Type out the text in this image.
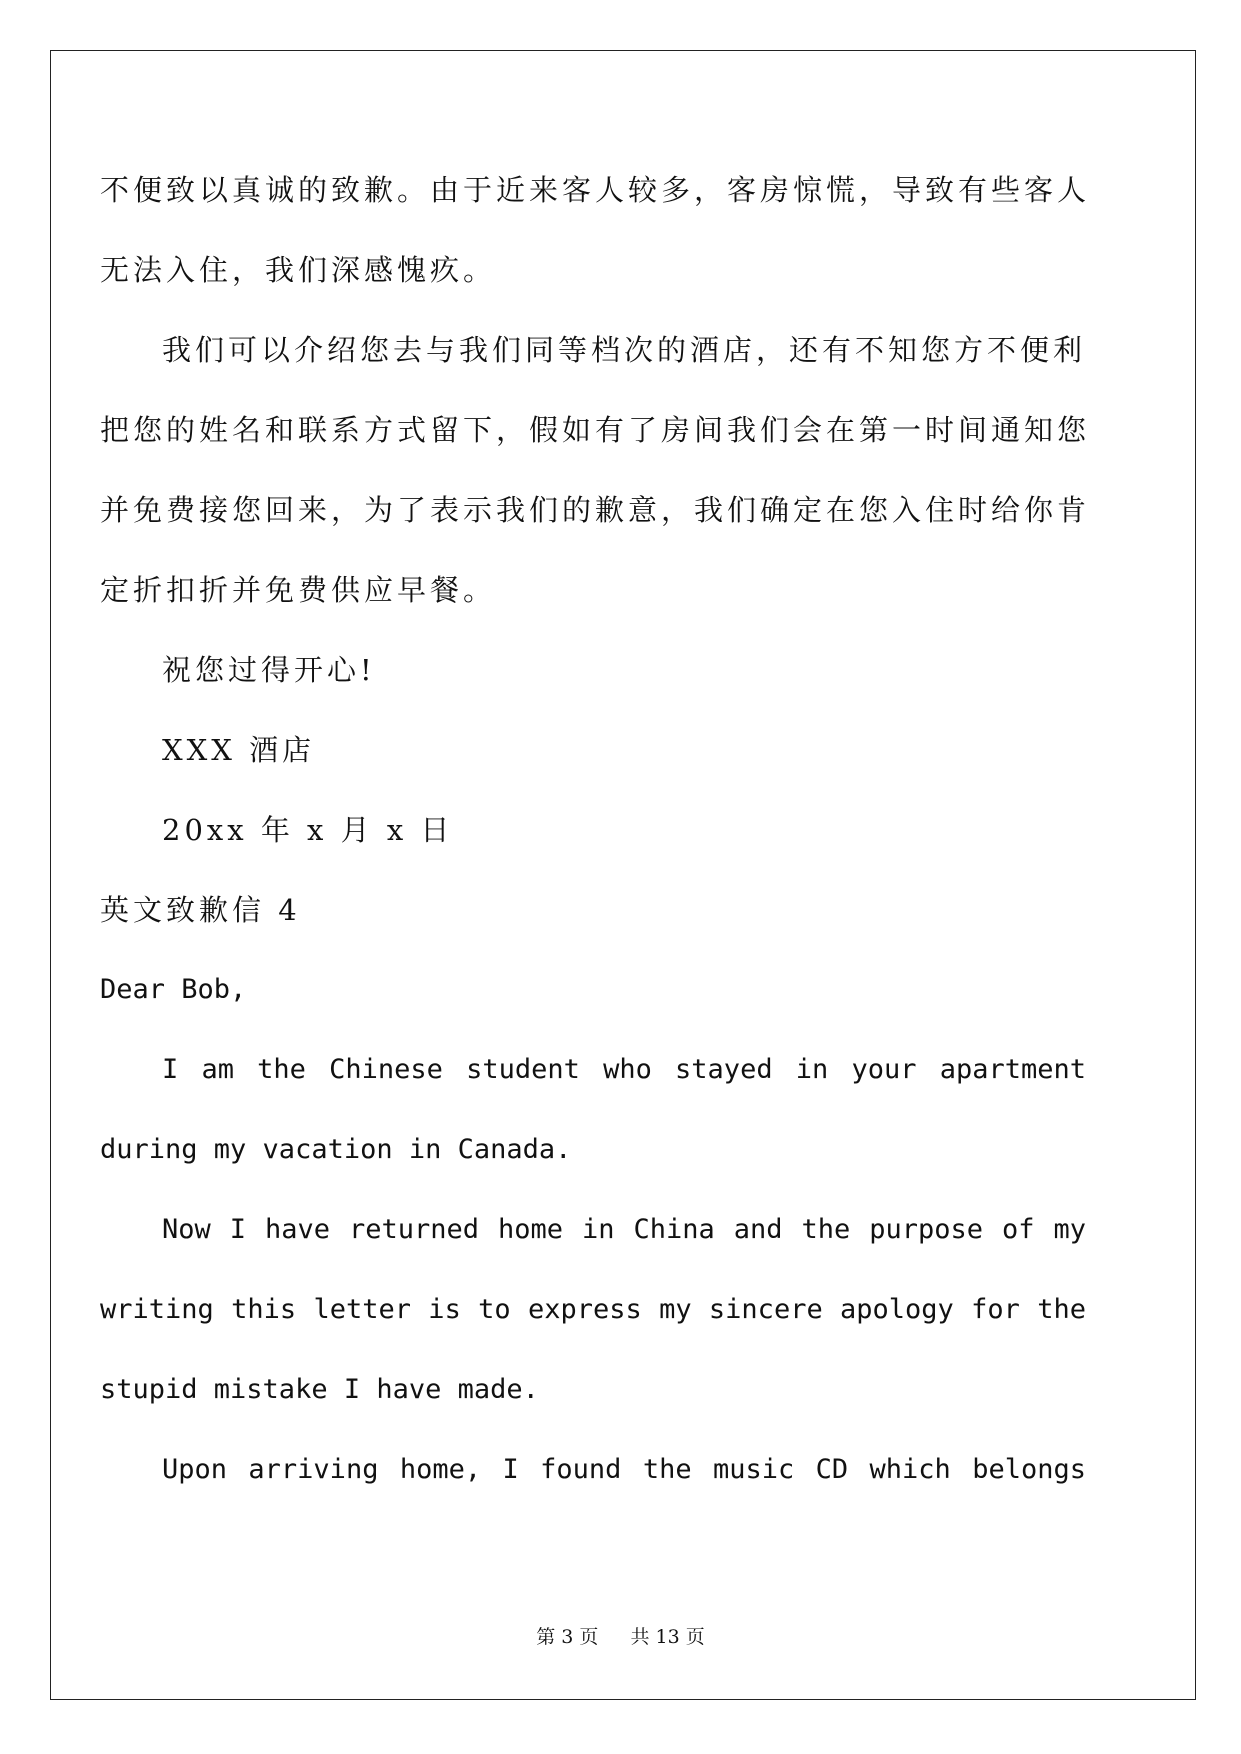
不便致以真诚的致歉。由于近来客人较多，客房惊慌，导致有些客人
无法入住，我们深感愧疚。
我们可以介绍您去与我们同等档次的酒店，还有不知您方不便利
把您的姓名和联系方式留下，假如有了房间我们会在第一时间通知您
并免费接您回来，为了表示我们的歉意，我们确定在您入住时给你肯
定折扣折并免费供应早餐。
祝您过得开心!
XXX 酒店
20xx 年 x 月 x 日
英文致歉信 4
Dear Bob,
I am the Chinese student who stayed in your apartment
during my vacation in Canada.
Now I have returned home in China and the purpose of my
writing this letter is to express my sincere apology for the
stupid mistake I have made.
Upon arriving home, I found the music CD which belongs
第 3 页 共 13 页
